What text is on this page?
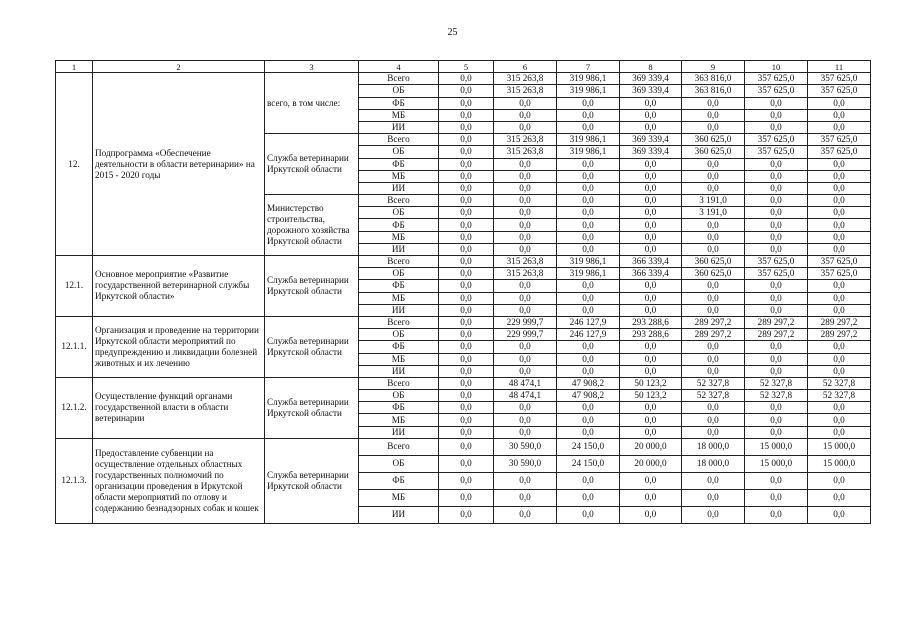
25
1	2	3	4	5	6	7	8	9	10	11
12.	Подпрограмма «Обеспечение деятельности в области ветеринарии» на 2015 - 2020 годы	всего, в том числе:	Всего	0,0	315 263,8	319 986,1	369 339,4	363 816,0	357 625,0	357 625,0
			ОБ	0,0	315 263,8	319 986,1	369 339,4	363 816,0	357 625,0	357 625,0
			ФБ	0,0	0,0	0,0	0,0	0,0	0,0	0,0
			МБ	0,0	0,0	0,0	0,0	0,0	0,0	0,0
			ИИ	0,0	0,0	0,0	0,0	0,0	0,0	0,0
		Служба ветеринарии Иркутской области	Всего	0,0	315 263,8	319 986,1	369 339,4	360 625,0	357 625,0	357 625,0
			ОБ	0,0	315 263,8	319 986,1	369 339,4	360 625,0	357 625,0	357 625,0
			ФБ	0,0	0,0	0,0	0,0	0,0	0,0	0,0
			МБ	0,0	0,0	0,0	0,0	0,0	0,0	0,0
			ИИ	0,0	0,0	0,0	0,0	0,0	0,0	0,0
		Министерство строительства, дорожного хозяйства Иркутской области	Всего	0,0	0,0	0,0	0,0	3 191,0	0,0	0,0
			ОБ	0,0	0,0	0,0	0,0	3 191,0	0,0	0,0
			ФБ	0,0	0,0	0,0	0,0	0,0	0,0	0,0
			МБ	0,0	0,0	0,0	0,0	0,0	0,0	0,0
			ИИ	0,0	0,0	0,0	0,0	0,0	0,0	0,0
12.1.	Основное мероприятие «Развитие государственной ветеринарной службы Иркутской области»	Служба ветеринарии Иркутской области	Всего	0,0	315 263,8	319 986,1	366 339,4	360 625,0	357 625,0	357 625,0
			ОБ	0,0	315 263,8	319 986,1	366 339,4	360 625,0	357 625,0	357 625,0
			ФБ	0,0	0,0	0,0	0,0	0,0	0,0	0,0
			МБ	0,0	0,0	0,0	0,0	0,0	0,0	0,0
			ИИ	0,0	0,0	0,0	0,0	0,0	0,0	0,0
12.1.1.	Организация и проведение на территории Иркутской области мероприятий по предупреждению и ликвидации болезней животных и их лечению	Служба ветеринарии Иркутской области	Всего	0,0	229 999,7	246 127,9	293 288,6	289 297,2	289 297,2	289 297,2
			ОБ	0,0	229 999,7	246 127,9	293 288,6	289 297,2	289 297,2	289 297,2
			ФБ	0,0	0,0	0,0	0,0	0,0	0,0	0,0
			МБ	0,0	0,0	0,0	0,0	0,0	0,0	0,0
			ИИ	0,0	0,0	0,0	0,0	0,0	0,0	0,0
12.1.2.	Осуществление функций органами государственной власти в области ветеринарии	Служба ветеринарии Иркутской области	Всего	0,0	48 474,1	47 908,2	50 123,2	52 327,8	52 327,8	52 327,8
			ОБ	0,0	48 474,1	47 908,2	50 123,2	52 327,8	52 327,8	52 327,8
			ФБ	0,0	0,0	0,0	0,0	0,0	0,0	0,0
			МБ	0,0	0,0	0,0	0,0	0,0	0,0	0,0
			ИИ	0,0	0,0	0,0	0,0	0,0	0,0	0,0
12.1.3.	Предоставление субвенции на осуществление отдельных областных государственных полномочий по организации проведения в Иркутской области мероприятий по отлову и содержанию безнадзорных собак и кошек	Служба ветеринарии Иркутской области	Всего	0,0	30 590,0	24 150,0	20 000,0	18 000,0	15 000,0	15 000,0
			ОБ	0,0	30 590,0	24 150,0	20 000,0	18 000,0	15 000,0	15 000,0
			ФБ	0,0	0,0	0,0	0,0	0,0	0,0	0,0
			МБ	0,0	0,0	0,0	0,0	0,0	0,0	0,0
			ИИ	0,0	0,0	0,0	0,0	0,0	0,0	0,0
